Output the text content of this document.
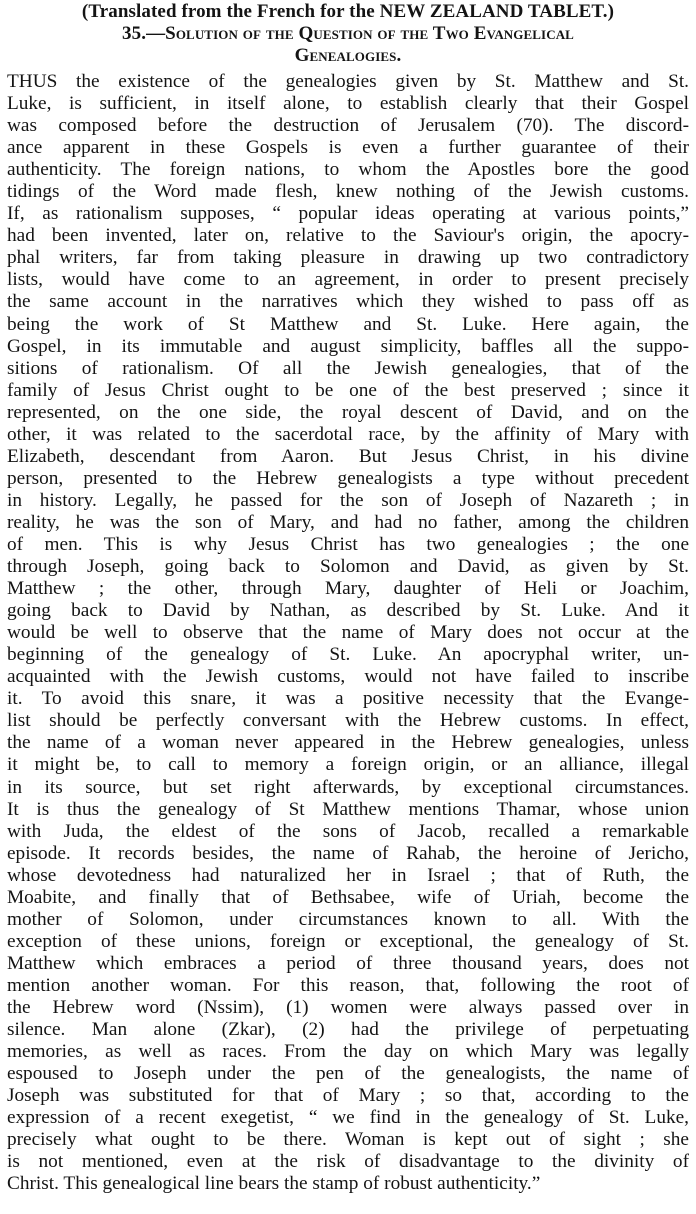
(Translated from the French for the NEW ZEALAND TABLET.)
35.—Solution of the Question of the Two Evangelical
Genealogies.
THUS the existence of the genealogies given by St. Matthew and St.
Luke, is sufficient, in itself alone, to establish clearly that their Gospel
was composed before the destruction of Jerusalem (70). The discord-
ance apparent in these Gospels is even a further guarantee of their
authenticity. The foreign nations, to whom the Apostles bore the good
tidings of the Word made flesh, knew nothing of the Jewish customs.
If, as rationalism supposes, “ popular ideas operating at various points,”
had been invented, later on, relative to the Saviour's origin, the apocry-
phal writers, far from taking pleasure in drawing up two contradictory
lists, would have come to an agreement, in order to present precisely
the same account in the narratives which they wished to pass off as
being the work of St Matthew and St. Luke. Here again, the
Gospel, in its immutable and august simplicity, baffles all the suppo-
sitions of rationalism. Of all the Jewish genealogies, that of the
family of Jesus Christ ought to be one of the best preserved ; since it
represented, on the one side, the royal descent of David, and on the
other, it was related to the sacerdotal race, by the affinity of Mary with
Elizabeth, descendant from Aaron. But Jesus Christ, in his divine
person, presented to the Hebrew genealogists a type without precedent
in history. Legally, he passed for the son of Joseph of Nazareth ; in
reality, he was the son of Mary, and had no father, among the children
of men. This is why Jesus Christ has two genealogies ; the one
through Joseph, going back to Solomon and David, as given by St.
Matthew ; the other, through Mary, daughter of Heli or Joachim,
going back to David by Nathan, as described by St. Luke. And it
would be well to observe that the name of Mary does not occur at the
beginning of the genealogy of St. Luke. An apocryphal writer, un-
acquainted with the Jewish customs, would not have failed to inscribe
it. To avoid this snare, it was a positive necessity that the Evange-
list should be perfectly conversant with the Hebrew customs. In effect,
the name of a woman never appeared in the Hebrew genealogies, unless
it might be, to call to memory a foreign origin, or an alliance, illegal
in its source, but set right afterwards, by exceptional circumstances.
It is thus the genealogy of St Matthew mentions Thamar, whose union
with Juda, the eldest of the sons of Jacob, recalled a remarkable
episode. It records besides, the name of Rahab, the heroine of Jericho,
whose devotedness had naturalized her in Israel ; that of Ruth, the
Moabite, and finally that of Bethsabee, wife of Uriah, become the
mother of Solomon, under circumstances known to all. With the
exception of these unions, foreign or exceptional, the genealogy of St.
Matthew which embraces a period of three thousand years, does not
mention another woman. For this reason, that, following the root of
the Hebrew word (Nssim), (1) women were always passed over in
silence. Man alone (Zkar), (2) had the privilege of perpetuating
memories, as well as races. From the day on which Mary was legally
espoused to Joseph under the pen of the genealogists, the name of
Joseph was substituted for that of Mary ; so that, according to the
expression of a recent exegetist, “ we find in the genealogy of St. Luke,
precisely what ought to be there. Woman is kept out of sight ; she
is not mentioned, even at the risk of disadvantage to the divinity of
Christ. This genealogical line bears the stamp of robust authenticity.”
